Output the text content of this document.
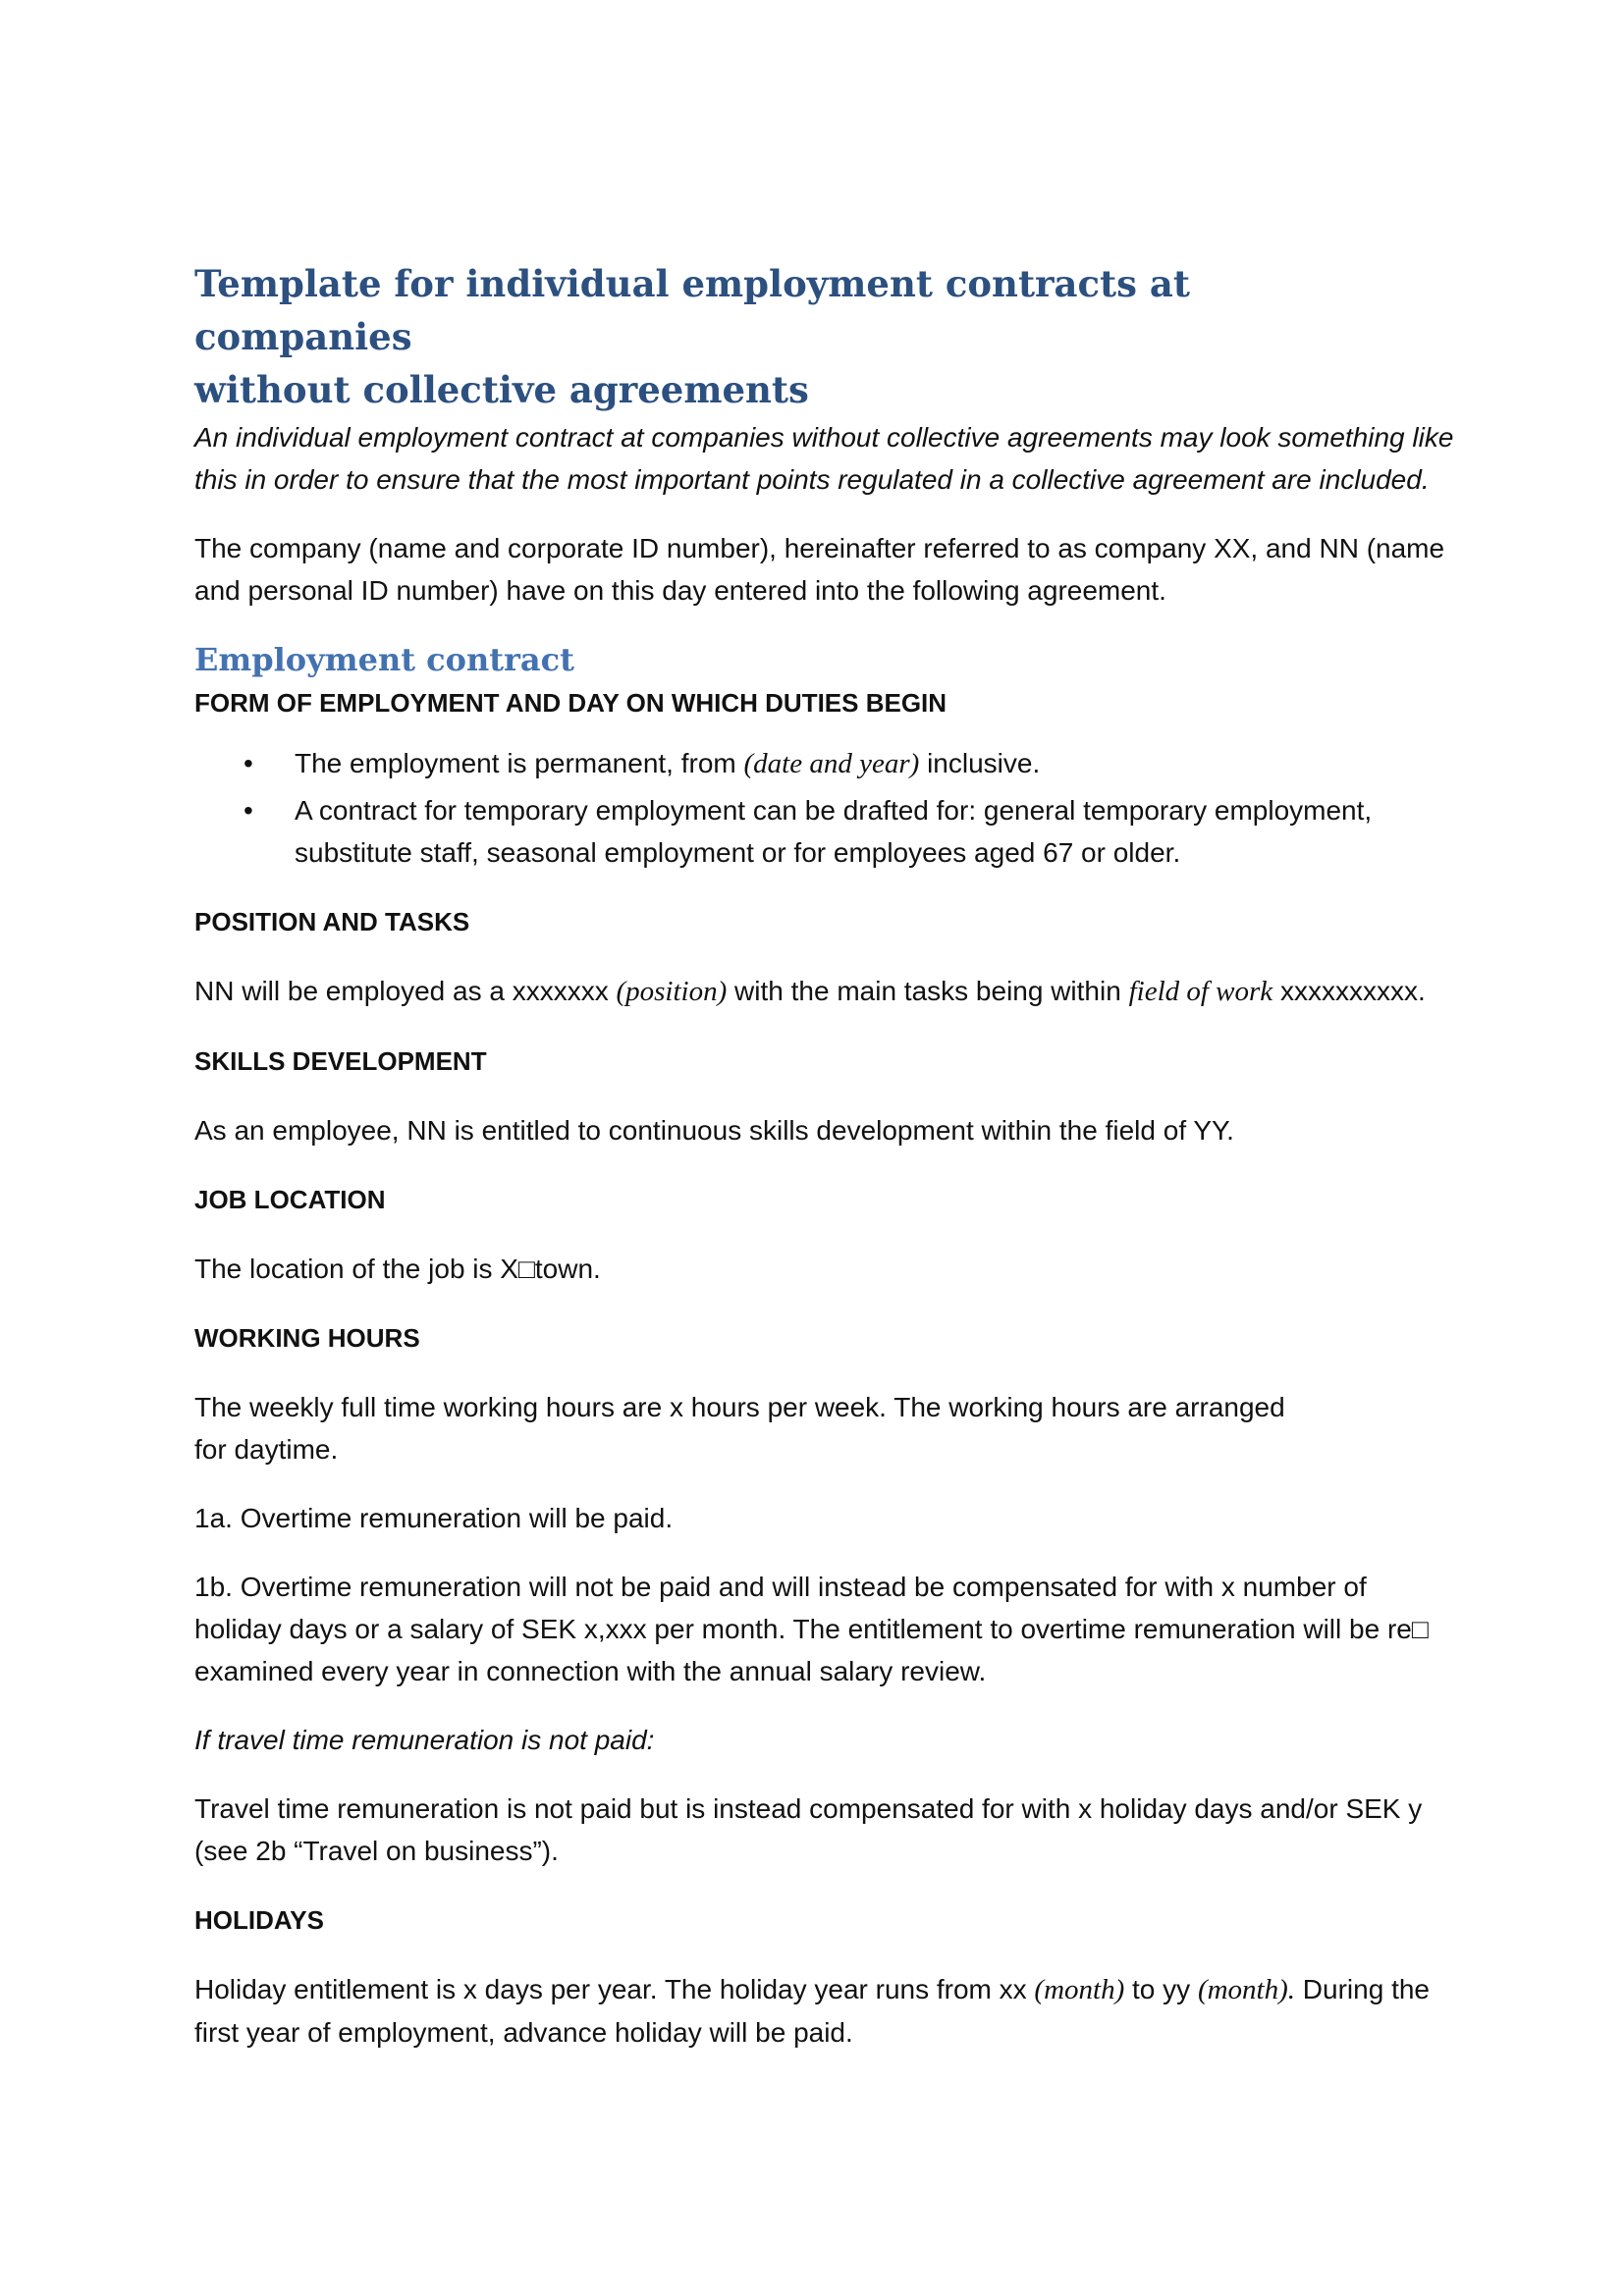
Template for individual employment contracts at companies
without collective agreements

An individual employment contract at companies without collective agreements may look something like this in order to ensure that the most important points regulated in a collective agreement are included.

The company (name and corporate ID number), hereinafter referred to as company XX, and NN (name and personal ID number) have on this day entered into the following agreement.

Employment contract
FORM OF EMPLOYMENT AND DAY ON WHICH DUTIES BEGIN
• The employment is permanent, from (date and year) inclusive.
• A contract for temporary employment can be drafted for: general temporary employment, substitute staff, seasonal employment or for employees aged 67 or older.
POSITION AND TASKS

NN will be employed as a xxxxxxx (position) with the main tasks being within field of work xxxxxxxxxx.

SKILLS DEVELOPMENT

As an employee, NN is entitled to continuous skills development within the field of YY.

JOB LOCATION

The location of the job is X□town.

WORKING HOURS

The weekly full time working hours are x hours per week. The working hours are arranged
for daytime.

1a. Overtime remuneration will be paid.

1b. Overtime remuneration will not be paid and will instead be compensated for with x number of holiday days or a salary of SEK x,xxx per month. The entitlement to overtime remuneration will be re□ examined every year in connection with the annual salary review.

If travel time remuneration is not paid:

Travel time remuneration is not paid but is instead compensated for with x holiday days and/or SEK y (see 2b “Travel on business”).

HOLIDAYS

Holiday entitlement is x days per year. The holiday year runs from xx (month) to yy (month). During the first year of employment, advance holiday will be paid.
